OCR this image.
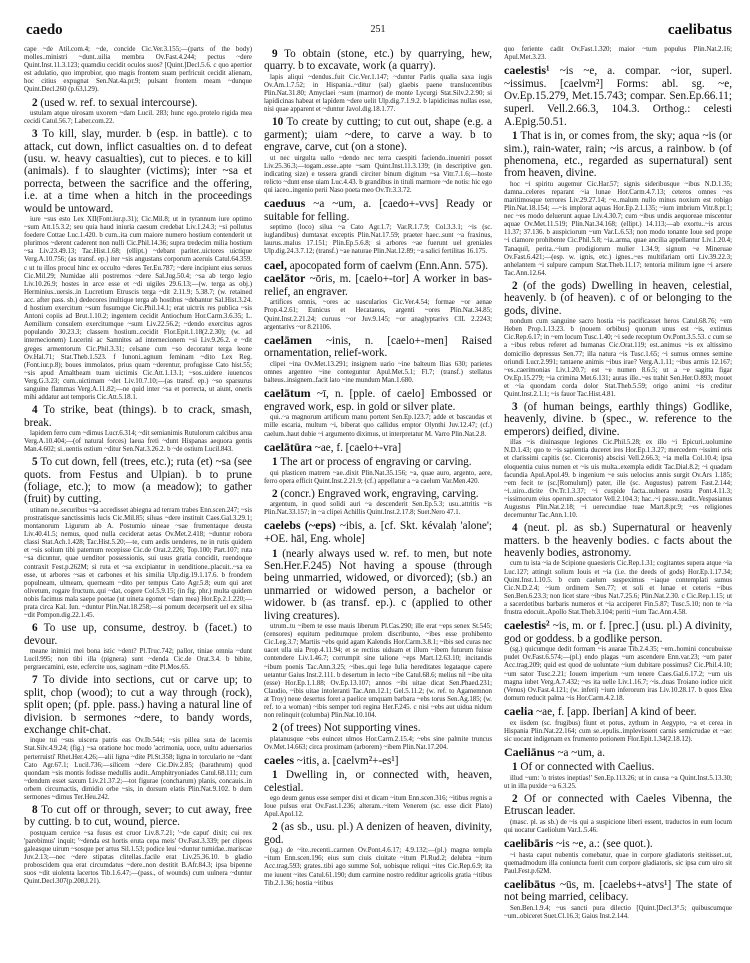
caedo	251	caelibatus

cape ~de Atil.com.4; ~de, concide Cic.Ver.3.155;—(parts of the body) molles..ministri ~dunt..uilia membra Ov.Fast.4.244; pectus ~dere Quint.Inst.11.3.123; quamdiu cecidit oculos suos? [Quint.]Decl.5.6. c quo apertior est adulatio, quo improbior, quo magis frontem suam perfricuit cecidit alienam, hoc citius expugnat Sen.Nat.4a.pr.9; pulsant frontem meam ~dunque Quint.Decl.260 (p.63,l.29).

2 (used w. ref. to sexual intercourse).

ustulam atque uirosam uxorem ~dam Lucil. 283; hunc ego..protelo rigida mea cecidi Catul.56.7; Laber.com.22.

3 To kill, slay, murder. b (esp. in battle). c to attack, cut down, inflict casualties on. d to defeat (usu. w. heavy casualties), cut to pieces. e to kill (animals). f to slaughter (victims); inter ~sa et porrecta, between the sacrifice and the offering, i.e. at a time when a hitch in the proceedings would be untoward.

iure ~sus esto Lex XII(Font.iur.p.31); Cic.Mil.8; ut in tyrannum iure optimo ~sum Att.15.3.2; seu quia haud iniuria caesum credebat Liv.1.24.3; ~si pollutus foedere Cottae Luc.1.420. b cum..ita cum maiore numero hostium contenderit ut plurimos ~derent caderent non nulli Cic.Phil.14.36; supra tredecim milia hostium ~sa Liv.23.49.13; Tac.Hist.1.68; (ellipt.) ~debant pariter..uictores uictique Verg.A.10.756; (as transf. ep.) iter ~sis angustans corporum aceruis Catul.64.359. c ut tu illos procul hinc ex occulto ~deres Ter.Eu.787; ~dere incipiunt eius seruos Cic.Mil.29; Numidae alii postremos ~dere Sal.Jug.50.4; ~sa ab tergo legio Liv.10.26.9; hostes in arce esse et ~di uigiles 29.6.13;—(w. terga as obj.) Herminius..uersis..in Lucretium Etruscis terga ~dit 2.11.9; 5.38.7; (w. retained acc. after pass. sb.) dedecores inultique terga ab hostibus ~debantur Sal.Hist.3.24. d hostium exercitum ~sum fusumque Cic.Phil.14.1; erat uictrix res publica ~sis Antoni copiis ad Brut.1.10.2; ingentem cecidit Antiochum Hor.Carm.3.6.35; L. Aemilium consulem exercitumque ~sum Liv.22.56.2; ~dendo exercitus agros populando 30.23.3; classem hostium..cecidit Flor.Epit.1.18(2.2.30); (w. ad internecionem) Lucerini ac Samnites ad internecionem ~si Liv.9.26.2. e ~dit greges armentorum Cic.Phil.3.31; celsane cum ~so decoratur terga leone Ov.Hal.71; Stat.Theb.1.523. f Iunoni..agnum feminam ~dito Lex Reg.(Font.iur.p.8); boues immolatos, prius quam ~derentur, profugisse Cato hist.55; ~sis apud Amaltheam tuam uictimis Cic.Att.1.13.1; ~sos..uidere iuuencos Verg.G.3.23; cum..uictimam ~det Liv.10.7.10;—(as transf. ep.) ~so sparsurus sanguine flammas Verg.A.11.82;—ne quid inter ~sa et porrecta, ut aiunt, oneris mihi addatur aut temporis Cic.Att.5.18.1.

4 To strike, beat (things). b to crack, smash, break.

lapidem ferro cum ~dimus Lucr.6.314; ~dit semianimis Rutulorum calcibus arua Verg.A.10.404;—(of natural forces) laeua freti ~dunt Hispanas aequora gentis Man.4.602; si..uentis ostium ~ditur Sen.Nat.3.26.2. b ~de ostium Lucil.843.

5 To cut down, fell (trees, etc.); ruta (et) ~sa (see quots. from Festus and Ulpian). b to prune (foliage, etc.); to mow (a meadow); to gather (fruit) by cutting.

utinam ne..securibus ~sa accedisset abiegna ad terram trabes Enn.scen.247; ~sis prostratisque sanctissimis lucis Cic.Mil.85; siluas ~dere instituit Caes.Gal.3.29.1; montanorum Ligurum ab A. Postumio uineae ~sae frumentaque deusta Liv.40.41.5; nemus, quod nulla ceciderat aetas Ov.Met.2.418; ~duntur robora classi Stat.Ach.1.428; Tac.Hist.5.20;—te, cum aedis uenderes, ne in rutis quidem et ~sis solium tibi paternum recepisse Cic.de Orat.2.226; Top.100; Part.107; ruta ~sa dicuntur, quae uenditor possessionis, sui usus gratia concidit, ruendoque contraxit Fest.p.262M; si ruta et ~sa excipiantur in uenditione..placuit..~sa ea esse, ut arbores ~sas et carbones et his similia Ulp.dig.19.1.17.6. b frondem populneam, ulmeam, querneam ~dito per tempus Cato Agr.5.8; eum qui aret olivetum, rogare fructum..qui ~dat, cogere Col.5.9.15; (in fig. phr.) multa quidem nobis facimus mala saepe poetae (ut uineta egomet ~dam mea) Hor.Ep.2.1.220;—prata circa Kal. Iun. ~duntur Plin.Nat.18.258;—si pomum decerpserit uel ex silua ~dit Pompon.dig.22.1.45.

6 To use up, consume, destroy. b (facet.) to devour.

meane inimici mei bona istic ~dent? Pl.Truc.742; pallor, tiniae omnia ~dunt Lucil.995; non tibi illa (pignera) sunt ~denda Cic.de Orat.3.4. b bibite, pergraecamini, este, ecfercite uos, saginam ~dite Pl.Mos.65.

7 To divide into sections, cut or carve up; to split, chop (wood); to cut a way through (rock), split open; (pf. pple. pass.) having a natural line of division. b sermones ~dere, to bandy words, exchange chit-chat.

inque tui ~sus uiscera patris eas Ov.Ib.544; ~sis pillea suta de lacernis Stat.Silv.4.9.24; (fig.) ~sa oratione hoc modo 'acrimonia, uoce, uultu aduersarios perterruisti' Rhet.Her.4.26;—alii ligna ~dite Pl.St.358; ligna in torculario ne ~dant Cato Agr.67.1; Lucil.736;—silicem ~dere Cic.Div.2.85; (barathrum) quod quondam ~sis montis fodisse medullis audit..Amphitryoniades Catul.68.111; cum ~dendum esset saxum Liv.21.37.2;—tot figurae (concharum) planis, concauis..in orbem circumactis, dimidio orbe ~sis, in dorsum elatis Plin.Nat.9.102. b dum sermones ~dimus Ter.Heu.242.

8 To cut off or through, sever; to cut away, free by cutting. b to cut, wound, pierce.

postquam ceruice ~sa fusus est cruor Liv.8.7.21; '~de caput' dixit; cui rex 'parebimus' inquit; '~denda est hortis eruta cepa meis' Ov.Fast.3.339; per clipeos galeasque uirum ~sosque per artus Sil.1.53; podice leui ~duntur tumidae..mariscae Juv.2.13;—nec ~dere stipatas clitellas..facile erat Liv.25.36.10. b gladio proboscidem qua erat circumdatus ~dere..non destitit B.Afr.84.3; ipsa bipenne suos ~dit uiolenta lacertos Tib.1.6.47;—(pass., of wounds) cum uulnera ~duntur Quint.Decl.307(p.208,l.21).

9 To obtain (stone, etc.) by quarrying, hew, quarry. b to excavate, work (a quarry).

lapis aliqui ~dendus..fuit Cic.Ver.1.147; ~duntur Parlis qualia saxa iugis Ov.Am.1.7.52; in Hispania..~ditur (sal) glaebis paene translucentibus Plin.Nat.31.80; Amyclaei ~sum (marmor) de monte Lycurgi Stat.Silv.2.2.90; si lapidicinas habeat et lapidem ~dere uelit Ulp.dig.7.1.9.2. b lapidicinas nullas esse, nisi quae apparent et ~duntur Javol.dig.18.1.77.

10 To create by cutting; to cut out, shape (e.g. a garment); uiam ~dere, to carve a way. b to engrave, carve, cut (on a stone).

ut nec uirgulta uallo ~dendo nec terra caespiti faciendo..inueniri posset Liv.25.36.3;—togam..esse..apte ~sam Quint.Inst.11.3.139; (in descriptive gen. indicating size) e tessera grandi circiter binum digitum ~sa Vitr.7.1.6;—hoste relicto ~dunt ense uiam Luc.4.43. b grandibus in tituli marmore ~de notis: hic ego qui iaceo..ingenio perii Naso poeta meo Ov.Tr.3.3.72.

caeduus ~a ~um, a. [caedo+-vvs] Ready or suitable for felling.

septimo (loco) silua ~a Cato Agr.1.7; Var.R.1.7.9; Col.3.3.1; ~is (sc. iuglandibus) dumtaxat exceptis Plin.Nat.17.59; praeter haec..sunt ~a fraxinus, laurus..malus 17.151; Plin.Ep.5.6.8; si arbores ~ae fuerunt uel greniales Ulp.dig.24.3.7.12; (transf.) ~ae naturae Plin.Nat.12.89; ~a salici fertilitas 16.175.

cael, apocopated form of caelvm (Enn.Ann. 575).

caelātor ~ōris, m. [caelo+-tor] A worker in bas-relief, an engraver.

artifices omnis, ~ores ac uascularios Cic.Ver.4.54; formae ~or aenae Prop.4.2.61; Eunicus et Hecataeus, argenti ~ores Plin.Nat.34.85; Quint.Inst.2.21.24; curuus ~or Juv.9.145; ~or anaglyptarivs CIL 2.2243; argentarivs ~or 8.21106.

caelāmen ~inis, n. [caelo+-men] Raised ornamentation, relief-work.

clipei ~ina Ov.Met.13.291; insignem uario ~ine balteum Ilias 630; parietes omnes argenteo ~ine conteguntur Apul.Met.5.1; Fl.7; (transf.) stellatus balteus..insignem..facit lato ~ine mundum Man.1.680.

caelātum ~ī, n. [pple. of caelo] Embossed or engraved work, esp. in gold or silver plate.

qui..~a magnorum artificum manu portent Sen.Ep.123.7; adde et bascaudas et mille escaria, multum ~i, biberat quo callidus emptor Olynthi Juv.12.47; (cf.) caelum..haut dubie ~i argumento diximus, ut interpretatur M. Varro Plin.Nat.2.8.

caelātūra ~ae, f. [caelo+-vra]

1 The art or process of engraving or carving.

qui plasticen matrem ~ae..dixit Plin.Nat.35.156; ~a, quae auro, argento, aere, ferro opera efficit Quint.Inst.2.21.9; (cf.) appellatur a ~a caelum Var.Men.420.

2 (concr.) Engraved work, engraving, carving.

argentum, in quod solidi auri ~a descenderit Sen.Ep.5.3; usu..attritis ~is Plin.Nat.33.157; in ~a clipei Achillis Quint.Inst.2.17.8; Suet.Nero 47.1.

caelebs (~eps) ~ibis, a. [cf. Skt. kévalaḥ 'alone'; +OE. hāl, Eng. whole]

1 (nearly always used w. ref. to men, but note Sen.Her.F.245) Not having a spouse (through being unmarried, widowed, or divorced); (sb.) an unmarried or widowed person, a bachelor or widower. b (as transf. ep.). c (applied to other living creatures).

utrum..tu ~ibem te esse mauis liberum Pl.Cas.290; ille erat ~eps senex St.545; (censores) equitum peditumque prolem discribunto, ~ibes esse prohibento Cic.Leg.3.7; Martiis ~ebs quid agam Kalendis Hor.Carm.3.8.1; ~ibis sed curas nec uacet ulla uia Prop.4.11.94; et se rectius uiduam et illum ~ibem futurum fuisse contendere Liv.1.46.7; corrumpit sine talione ~eps Mart.12.63.10; incitandis ~ibum poenis Tac.Ann.3.25; ~ibes..qui lege Iulia hereditates legataque capere uetantur Gaius Inst.2.111. b desertum in lecto ~ibe Catul.68.6; melius nil ~ibe uita (esse) Hor.Ep.1.1.88; Ov.Ep.13.107; annos ~ibi uitae dicat Sen.Phaed.231; Claudio, ~ibis uitae intoleranti Tac.Ann.12.1; Gel.5.11.2; (w. ref. to Agamemnon at Troy) neue desertus foret a paelice umquam barbara ~ebs torus Sen.Ag.185; (w. ref. to a woman) ~ibis semper tori regina Her.F.245. c nisi ~ebs aut uidua nidum non relinquit (columba) Plin.Nat.10.104.

2 (of trees) Not supporting vines.

platanusque ~ebs euincet ulmos Hor.Carm.2.15.4; ~ebs sine palmite truncus Ov.Met.14.663; circa proximam (arborem) ~ibem Plin.Nat.17.204.

caeles ~itis, a. [caelvm²+-es¹]

1 Dwelling in, or connected with, heaven, celestial.

ego deum genus esse semper dixi et dicam ~itum Enn.scen.316; ~itibus regnis a Ioue pulsus erat Ov.Fast.1.236; alteram..~item Venerem (sc. esse dicit Plato) Apul.Apol.12.

2 (as sb., usu. pl.) A denizen of heaven, divinity, god.

(sg.) de ~ite..recenti..carmen Ov.Pont.4.6.17; 4.9.132;—(pl.) magna templa ~itum Enn.scen.196; eius sum ciuis ciuitate ~itum Pl.Rud.2; delubra ~itum Acc.trag.593; grates..tibi ago summe Sol, uobisque reliqui ~ites Cic.Rep.6.9; ita me iuuent ~ites Catul.61.190; dum carmine nostro redditur agricolis gratia ~itibus Tib.2.1.36; hostia ~itibus

quo feriente cadit Ov.Fast.1.320; maior ~tum populus Plin.Nat.2.16; Apul.Met.3.23.

caelestis¹ ~is ~e, a. compar. ~ior, superl. ~issimus. [caelvm²] Forms: abl. sg. ~e, Ov.Ep.15.279, Met.15.743; compar. Sen.Ep.66.11; superl. Vell.2.66.3, 104.3. Orthog.: celesti A.Epig.50.51.

1 That is in, or comes from, the sky; aqua ~is (or sim.), rain-water, rain; ~is arcus, a rainbow. b (of phenomena, etc., regarded as supernatural) sent from heaven, divine.

hoc ~i spiritu augemur Cic.Har.57; signis sideribusque ~ibus N.D.1.35; damna..celeres reparant ~ia lunae Hor.Carm.4.7.13; ceteros omnes ~es maritimosque terrores Liv.29.27.14; ~e..malum nullo minus noxium est robigo Plin.Nat.18.154; —~is implorat aquas Hor.Ep.2.1.135; ~ium imbrium Vitr.8.pr.1; nec ~es modo deluerunt aquae Liv.4.30.7; cum ~ibus undis aequoreae miscentur aquae Ov.Met.11.519; Plin.Nat.34.168; (ellipt.) 14.113;—ab exortu..~is arcus 11.37; 37.136. b auspiciorum ~um Var.L.6.53; non modo tonante Ioue sed prope ~i clamore prohibente Cic.Phil.5.8; ~ia..arma, quae ancilia appellantur Liv.1.20.4; Tanaquil, perita..~ium prodigiorum mulier 1.34.9; signum ~e Mineruae Ov.Fast.6.421;—(esp. w. ignis, etc.) ignes..~es multifariam orti Liv.39.22.3; anhelantem ~i sulpure campum Stat.Theb.11.17; tentoria militum igne ~i arsere Tac.Ann.12.64.

2 (of the gods) Dwelling in heaven, celestial, heavenly. b (of heaven). c of or belonging to the gods, divine.

nondum cum sanguine sacro hostia ~is pacificasset heros Catul.68.76; ~em Heben Prop.1.13.23. b (nouem orbibus) quorum unus est ~is, extimus Cic.Rep.6.17; in ~em locum Tusc.1.40; ~i sede receptum Ov.Pont.3.5.53. c cum se a ~ibus rebus referet ad humanas Cic.Orat.119; est..animus ~is ex altissimo domicilio depressus Sen.77; illa natura ~is Tusc.1.65; ~i sumus omnes semine oriundi Lucr.2.991; tantaene animis ~ibus irae? Verg.A.1.11; ~ibus armis 12.167; ~es..caerimonias Liv.1.20.7; est ~e numen 8.6.5; ut a ~e sagitta figar Ov.Ep.15.279; ~ia crimina Met.6.131; auras ille..~es trahit Sen.Her.O.893; mouet et ~ia quondam corda dolor Stat.Theb.5.59; origo animi ~is creditur Quint.Inst.2.1.1; ~is fauor Tac.Hist.4.81.

3 (of human beings, earthly things) Godlike, heavenly, divine. b (spec., w. reference to the emperors) deified, divine.

illas ~is diuinasque legiones Cic.Phil.5.28; ex illo ~i Epicuri..uolumine N.D.1.43; quo te ~is sapientia duceret ires Hor.Ep.1.3.27; mercedem ~issimi oris et clarissimi capitis (sc. Ciceronis) abscisi Vell.2.66.3; ~ia mella Col.10.4; ipsa eloquentia cuius numen et ~is uis multa..exempla edidit Tac.Dial.8.2; ~i quadam facundia Apul.Apol.49. b ingenium ~e suis uelocius annis surgit Ov.Ars 1.185; ~em fecit te (sc.[Romulum]) pater, ille (sc. Augustus) patrem Fast.2.144; ~i..uiro..dicite Ov.Tr.1.3.37; ~i cuspide facta..uulnera nostra Pont.4.11.3; ~issimorum eius operum..spectator Vell.2.104.3; hac..~i passu..uadit..Vespasianus Augustus Plin.Nat.2.18; ~i uerecundiae tuae Mart.8.pr.9; ~es religiones decernuntur Tac.Ann.1.10.

4 (neut. pl. as sb.) Supernatural or heavenly matters. b the heavenly bodies. c facts about the heavenly bodies, astronomy.

cum tu ista ~ia de Scipione quaesieris Cic.Rep.1.31; cogitantes supera atque ~ia Luc.127; attingit solium Iouis et ~ia (i.e. the deeds of gods) Hor.Ep.1.17.34; Quint.Inst.1.10.5. b cum caelum suspeximus ~iaque contemplati sumus Cic.N.D.2.4; ~ium ordinem Sen.77; et soli et lunae et ceteris ~ibus Sen.Ben.6.23.3; non licet stare ~ibus Nat.7.25.6; Plin.Nat.2.30. c Cic.Rep.1.15; ut a sacerdotibus barbaris numeros et ~ia acciperet Fin.5.87; Tusc.5.10; non te ~ia frustra edocuit..Apollo Stat.Theb.3.104; periti ~ium Tac.Ann.4.58.

caelestis² ~is, m. or f. [prec.] (usu. pl.) A divinity, god or goddess. b a godlike person.

(sg.) quicumque dedit formam ~is auarae Tib.2.4.35; ~em..homini concubuisse pudet Ov.Fast.6.574;—(pl.) endo plagas ~um ascendere Enn.var.23; ~um pater Acc.trag.209; quid est quod de uoluntate ~ium dubitare possimus? Cic.Phil.4.10; ~um sator Tusc.2.21; Iouem imperium ~um tenere Caes.Gal.6.17.2; ~um uis magna iubet Verg.A.7.432; ~es ita uelle Liv.1.16.7; ~is..duas Troiano iudice uicit (Venus) Ov.Fast.4.121; (w. inferi) ~ium inferorum iras Liv.10.28.17. b quos Elea domum reducit palma ~is Hor.Carm.4.2.18.

caelia ~ae, f. [app. Iberian] A kind of beer.

ex iisdem (sc. frugibus) fiunt et potus, zythum in Aegypto, ~a et cerea in Hispania Plin.Nat.22.164; cum se..epulis..implevissent carnis semicrudae et ~ae: sic uocant indigenam ex frumento potionem Flor.Epit.1.34(2.18.12).

Caeliānus ~a ~um, a.

1 Of or connected with Caelius.

illud ~um: 'o tristes ineptias!' Sen.Ep.113.26; ut in causa ~a Quint.Inst.5.13.30; ut in illa puxide ~a 6.3.25.

2 Of or connected with Caeles Vibenna, the Etruscan leader.

(masc. pl. as sb.) de ~is qui a suspicione liberi essent, traductos in eum locum qui uocatur Caeliolum Var.L.5.46.

caelibāris ~is ~e, a.: (see quot.).

~i hasta caput nubentis comebatur, quae in corpore gladiatoris steitisset..ut, quemadmodum illa coniuncta fuerit cum corpore gladiatoris, sic ipsa cum uiro sit Paul.Fest.p.62M.

caelibātus ~ūs, m. [caelebs+-atvs¹] The state of not being married, celibacy.

Sen.Ben.1.9.4; ~us sancti pura dilectio [Quint.]Decl.3°.5; quibuscumque ~um..obiceret Suet.Cl.16.3; Gaius Inst.2.144.
